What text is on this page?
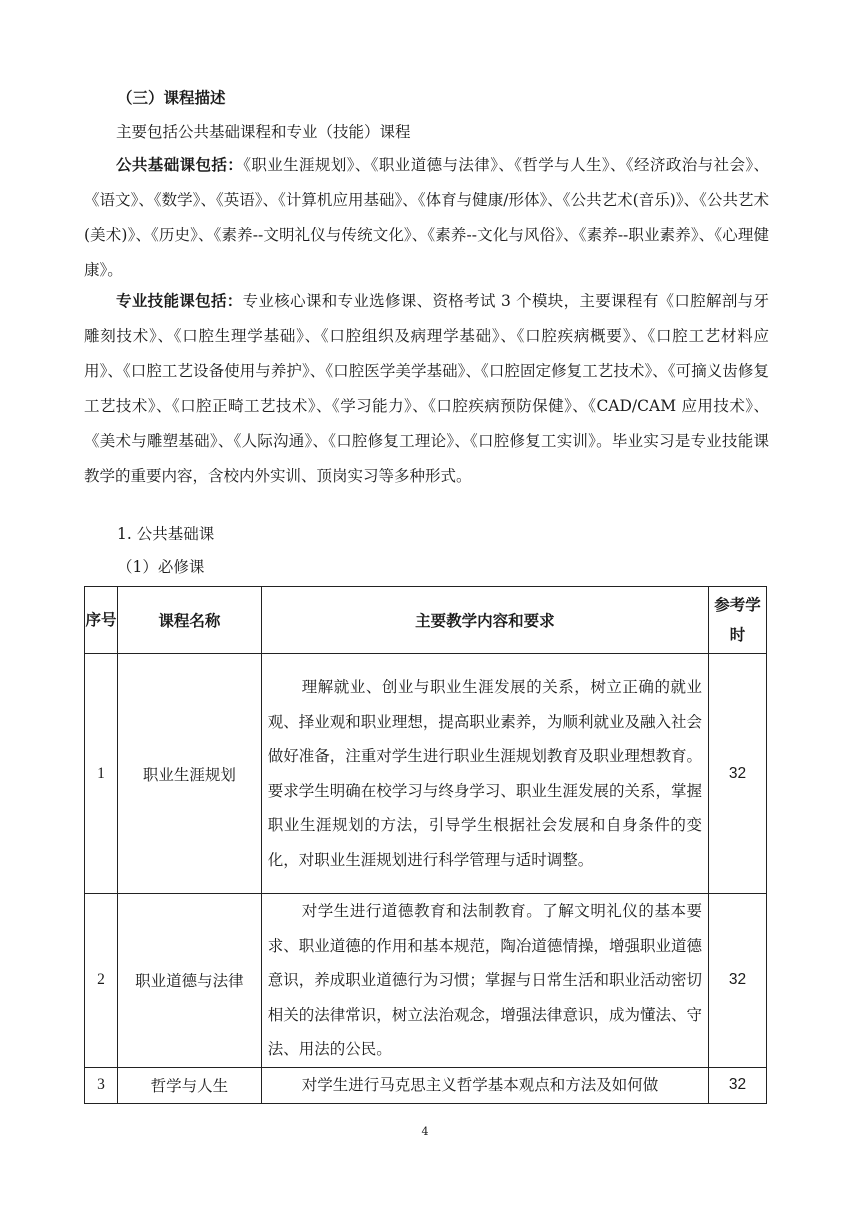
（三）课程描述
主要包括公共基础课程和专业（技能）课程
公共基础课包括：《职业生涯规划》、《职业道德与法律》、《哲学与人生》、《经济政治与社会》、《语文》、《数学》、《英语》、《计算机应用基础》、《体育与健康/形体》、《公共艺术(音乐)》、《公共艺术(美术)》、《历史》、《素养--文明礼仪与传统文化》、《素养--文化与风俗》、《素养--职业素养》、《心理健康》。
专业技能课包括：专业核心课和专业选修课、资格考试 3 个模块，主要课程有《口腔解剖与牙雕刻技术》、《口腔生理学基础》、《口腔组织及病理学基础》、《口腔疾病概要》、《口腔工艺材料应用》、《口腔工艺设备使用与养护》、《口腔医学美学基础》、《口腔固定修复工艺技术》、《可摘义齿修复工艺技术》、《口腔正畸工艺技术》、《学习能力》、《口腔疾病预防保健》、《CAD/CAM 应用技术》、《美术与雕塑基础》、《人际沟通》、《口腔修复工理论》、《口腔修复工实训》。毕业实习是专业技能课教学的重要内容，含校内外实训、顶岗实习等多种形式。
1. 公共基础课
（1）必修课
序号	课程名称	主要教学内容和要求	参考学时
1	职业生涯规划	理解就业、创业与职业生涯发展的关系，树立正确的就业观、择业观和职业理想，提高职业素养，为顺利就业及融入社会做好准备，注重对学生进行职业生涯规划教育及职业理想教育。要求学生明确在校学习与终身学习、职业生涯发展的关系，掌握职业生涯规划的方法，引导学生根据社会发展和自身条件的变化，对职业生涯规划进行科学管理与适时调整。	32
2	职业道德与法律	对学生进行道德教育和法制教育。了解文明礼仪的基本要求、职业道德的作用和基本规范，陶冶道德情操，增强职业道德意识，养成职业道德行为习惯；掌握与日常生活和职业活动密切相关的法律常识，树立法治观念，增强法律意识，成为懂法、守法、用法的公民。	32
3	哲学与人生	对学生进行马克思主义哲学基本观点和方法及如何做	32
4
